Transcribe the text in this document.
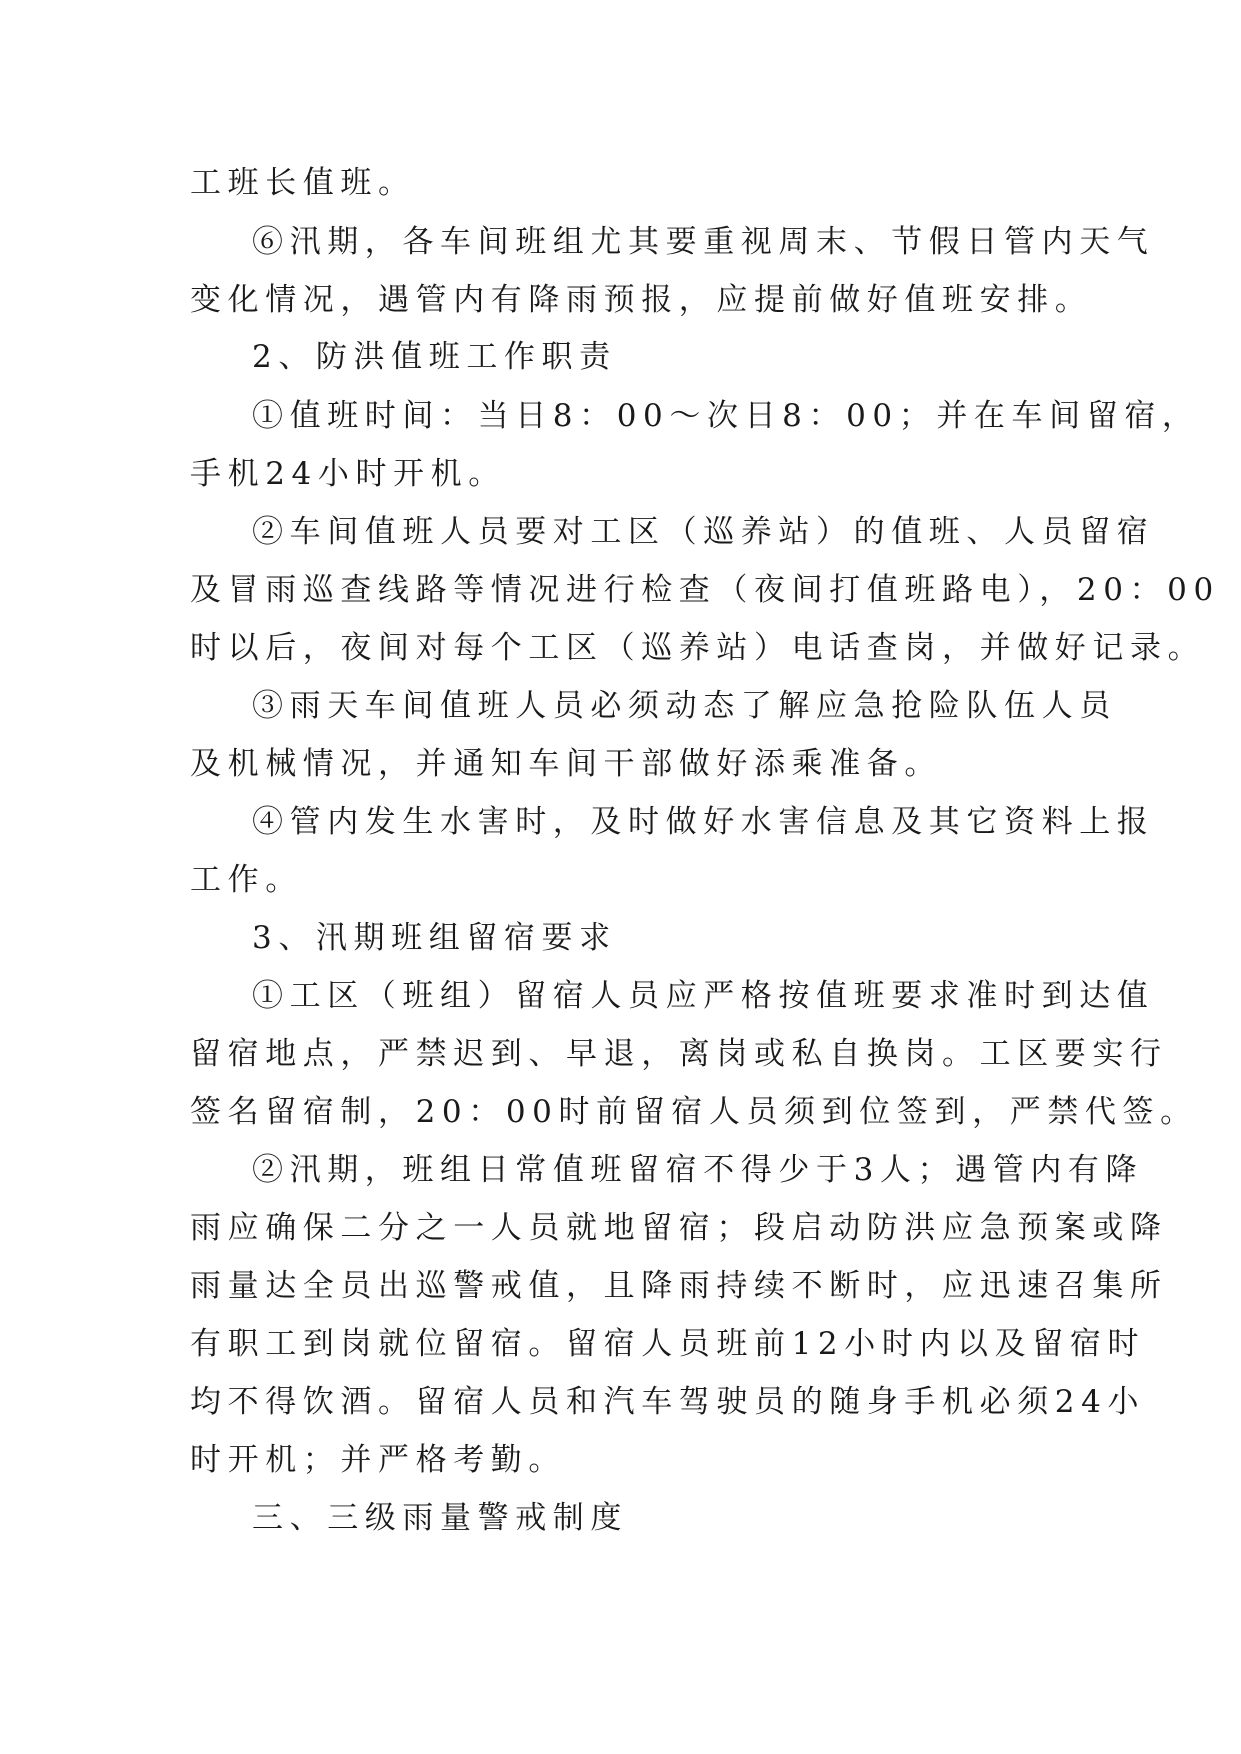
工班长值班。
⑥汛期，各车间班组尤其要重视周末、节假日管内天气
变化情况，遇管内有降雨预报，应提前做好值班安排。
2、防洪值班工作职责
①值班时间：当日8：00～次日8：00；并在车间留宿，
手机24小时开机。
②车间值班人员要对工区（巡养站）的值班、人员留宿
及冒雨巡查线路等情况进行检查（夜间打值班路电），20：00
时以后，夜间对每个工区（巡养站）电话查岗，并做好记录。
③雨天车间值班人员必须动态了解应急抢险队伍人员
及机械情况，并通知车间干部做好添乘准备。
④管内发生水害时，及时做好水害信息及其它资料上报
工作。
3、汛期班组留宿要求
①工区（班组）留宿人员应严格按值班要求准时到达值
留宿地点，严禁迟到、早退，离岗或私自换岗。工区要实行
签名留宿制，20：00时前留宿人员须到位签到，严禁代签。
②汛期，班组日常值班留宿不得少于3人；遇管内有降
雨应确保二分之一人员就地留宿；段启动防洪应急预案或降
雨量达全员出巡警戒值，且降雨持续不断时，应迅速召集所
有职工到岗就位留宿。留宿人员班前12小时内以及留宿时
均不得饮酒。留宿人员和汽车驾驶员的随身手机必须24小
时开机；并严格考勤。
三、三级雨量警戒制度
